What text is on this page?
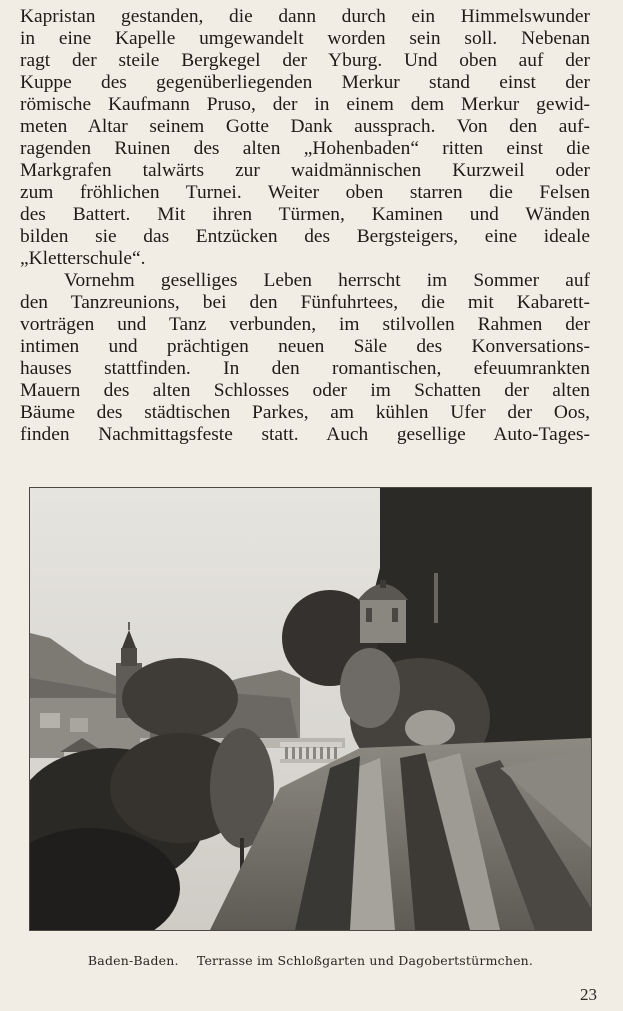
Kapristan gestanden, die dann durch ein Himmelswunder
in eine Kapelle umgewandelt worden sein soll. Nebenan
ragt der steile Bergkegel der Yburg. Und oben auf der
Kuppe des gegenüberliegenden Merkur stand einst der
römische Kaufmann Pruso, der in einem dem Merkur gewid-
meten Altar seinem Gotte Dank aussprach. Von den auf-
ragenden Ruinen des alten „Hohenbaden“ ritten einst die
Markgrafen talwärts zur waidmännischen Kurzweil oder
zum fröhlichen Turnei. Weiter oben starren die Felsen
des Battert. Mit ihren Türmen, Kaminen und Wänden
bilden sie das Entzücken des Bergsteigers, eine ideale
„Kletterschule“.
Vornehm geselliges Leben herrscht im Sommer auf
den Tanzreunions, bei den Fünfuhrtees, die mit Kabarett-
vorträgen und Tanz verbunden, im stilvollen Rahmen der
intimen und prächtigen neuen Säle des Konversations-
hauses stattfinden. In den romantischen, efeuumrankten
Mauern des alten Schlosses oder im Schatten der alten
Bäume des städtischen Parkes, am kühlen Ufer der Oos,
finden Nachmittagsfeste statt. Auch gesellige Auto-Tages-
Baden-Baden. Terrasse im Schloßgarten und Dagobertstürmchen.
23
